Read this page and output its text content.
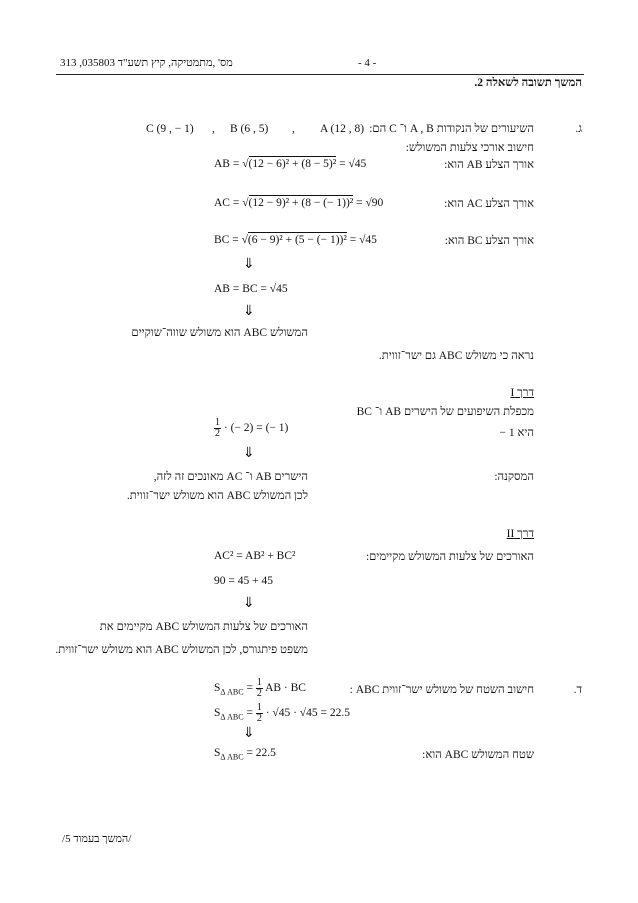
313 ,035803 מס' ,מתמטיקה, קיץ תשע"ד	- 4 -
המשך תשובה לשאלה 2.
ג.
השיעורים של הנקודות A , B ו־ C הם:
A (12 , 8)
,
B (6 , 5)
,
C (9 , − 1)
חישוב אורכי צלעות המשולש:
אורך הצלע AB הוא:
AB = √(12 − 6)² + (8 − 5)² = √45
אורך הצלע AC הוא:
AC = √(12 − 9)² + (8 − (− 1))² = √90
אורך הצלע BC הוא:
BC = √(6 − 9)² + (5 − (− 1))² = √45
⇓
AB = BC = √45
⇓
המשולש ABC הוא משולש שווה־שוקיים
נראה כי משולש ABC גם ישר־זווית.
דרך I
מכפלת השיפועים של הישרים AB ו־ BC
היא 1 −
$\frac{1}{2}$ · (− 2) = (− 1)
⇓
המסקנה:
הישרים AB ו־ AC מאונכים זה לזה,
לכן המשולש ABC הוא משולש ישר־זווית.
דרך II
האורכים של צלעות המשולש מקיימים:
AC² = AB² + BC²
90 = 45 + 45
⇓
האורכים של צלעות המשולש ABC מקיימים את
משפט פיתגורס, לכן המשולש ABC הוא משולש ישר־זווית.
ד.
חישוב השטח של משולש ישר־זווית ABC :
$S_{\Delta ABC} = \frac{1}{2}$ AB · BC
$S_{\Delta ABC} = \frac{1}{2} \cdot √45 \cdot √45 = 22.5$
⇓
שטח המשולש ABC הוא:
$S_{\Delta ABC} = 22.5$
/המשך בעמוד 5/
